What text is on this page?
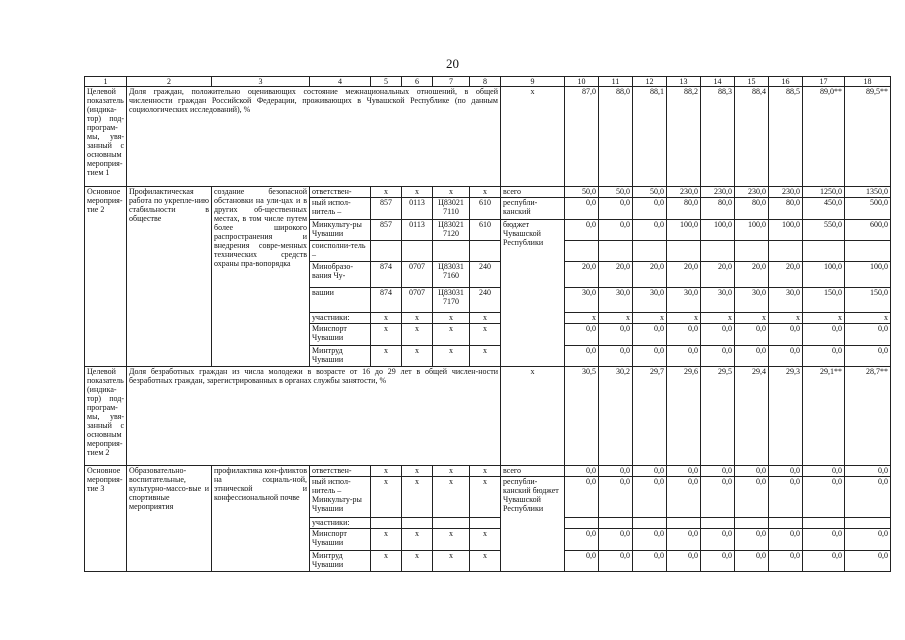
20
1	2	3	4	5	6	7	8	9	10	11	12	13	14	15	16	17	18
Целевой показатель (индика-тор) под-програм-мы, увя-занный с основным мероприя-тием 1	Доля граждан, положительно оценивающих состояние межнациональных отношений, в общей численности граждан Российской Федерации, проживающих в Чувашской Республике (по данным социологических исследований), %							х	87,0	88,0	88,1	88,2	88,3	88,4	88,5	89,0**	89,5**
Основное мероприя-тие 2	Профилактическая работа по укрепле-нию стабильности в обществе	создание безопасной обстановки на ули-цах и в других об-щественных местах, в том числе путем более широкого распространения и внедрения совре-менных технических средств охраны пра-вопорядка	ответствен-	х	х	х	х	всего	50,0	50,0	50,0	230,0	230,0	230,0	230,0	1250,0	1350,0
			ный испол-нитель –	857	0113	Ц83021 7110	610	республи-канский	0,0	0,0	0,0	80,0	80,0	80,0	80,0	450,0	500,0
			Минкульту-ры Чувашии	857	0113	Ц83021 7120	610	бюджет Чувашской Республики	0,0	0,0	0,0	100,0	100,0	100,0	100,0	550,0	600,0
			соисполни-тель –														
			Минобразо-вания Чу-	874	0707	Ц83031 7160	240		20,0	20,0	20,0	20,0	20,0	20,0	20,0	100,0	100,0
			вашии	874	0707	Ц83031 7170	240		30,0	30,0	30,0	30,0	30,0	30,0	30,0	150,0	150,0
			участники:	х	х	х	х		х	х	х	х	х	х	х	х	х
			Минспорт Чувашии	х	х	х	х		0,0	0,0	0,0	0,0	0,0	0,0	0,0	0,0	0,0
			Минтруд Чувашии	х	х	х	х		0,0	0,0	0,0	0,0	0,0	0,0	0,0	0,0	0,0
Целевой показатель (индика-тор) под-програм-мы, увя-занный с основным мероприя-тием 2	Доля безработных граждан из числа молодежи в возрасте от 16 до 29 лет в общей числен-ности безработных граждан, зарегистрированных в органах службы занятости, %							х	30,5	30,2	29,7	29,6	29,5	29,4	29,3	29,1**	28,7**
Основное мероприя-тие 3	Образовательно-воспитательные, культурно-массо-вые и спортивные мероприятия	профилактика кон-фликтов на социаль-ной, этнической и конфессиональной почве	ответствен-	х	х	х	х	всего	0,0	0,0	0,0	0,0	0,0	0,0	0,0	0,0	0,0
			ный испол-нитель – Минкульту-ры Чувашии	х	х	х	х	республи-канский бюджет Чувашской Республики	0,0	0,0	0,0	0,0	0,0	0,0	0,0	0,0	0,0
			участники:														
			Минспорт Чувашии	х	х	х	х		0,0	0,0	0,0	0,0	0,0	0,0	0,0	0,0	0,0
			Минтруд Чувашии	х	х	х	х		0,0	0,0	0,0	0,0	0,0	0,0	0,0	0,0	0,0
